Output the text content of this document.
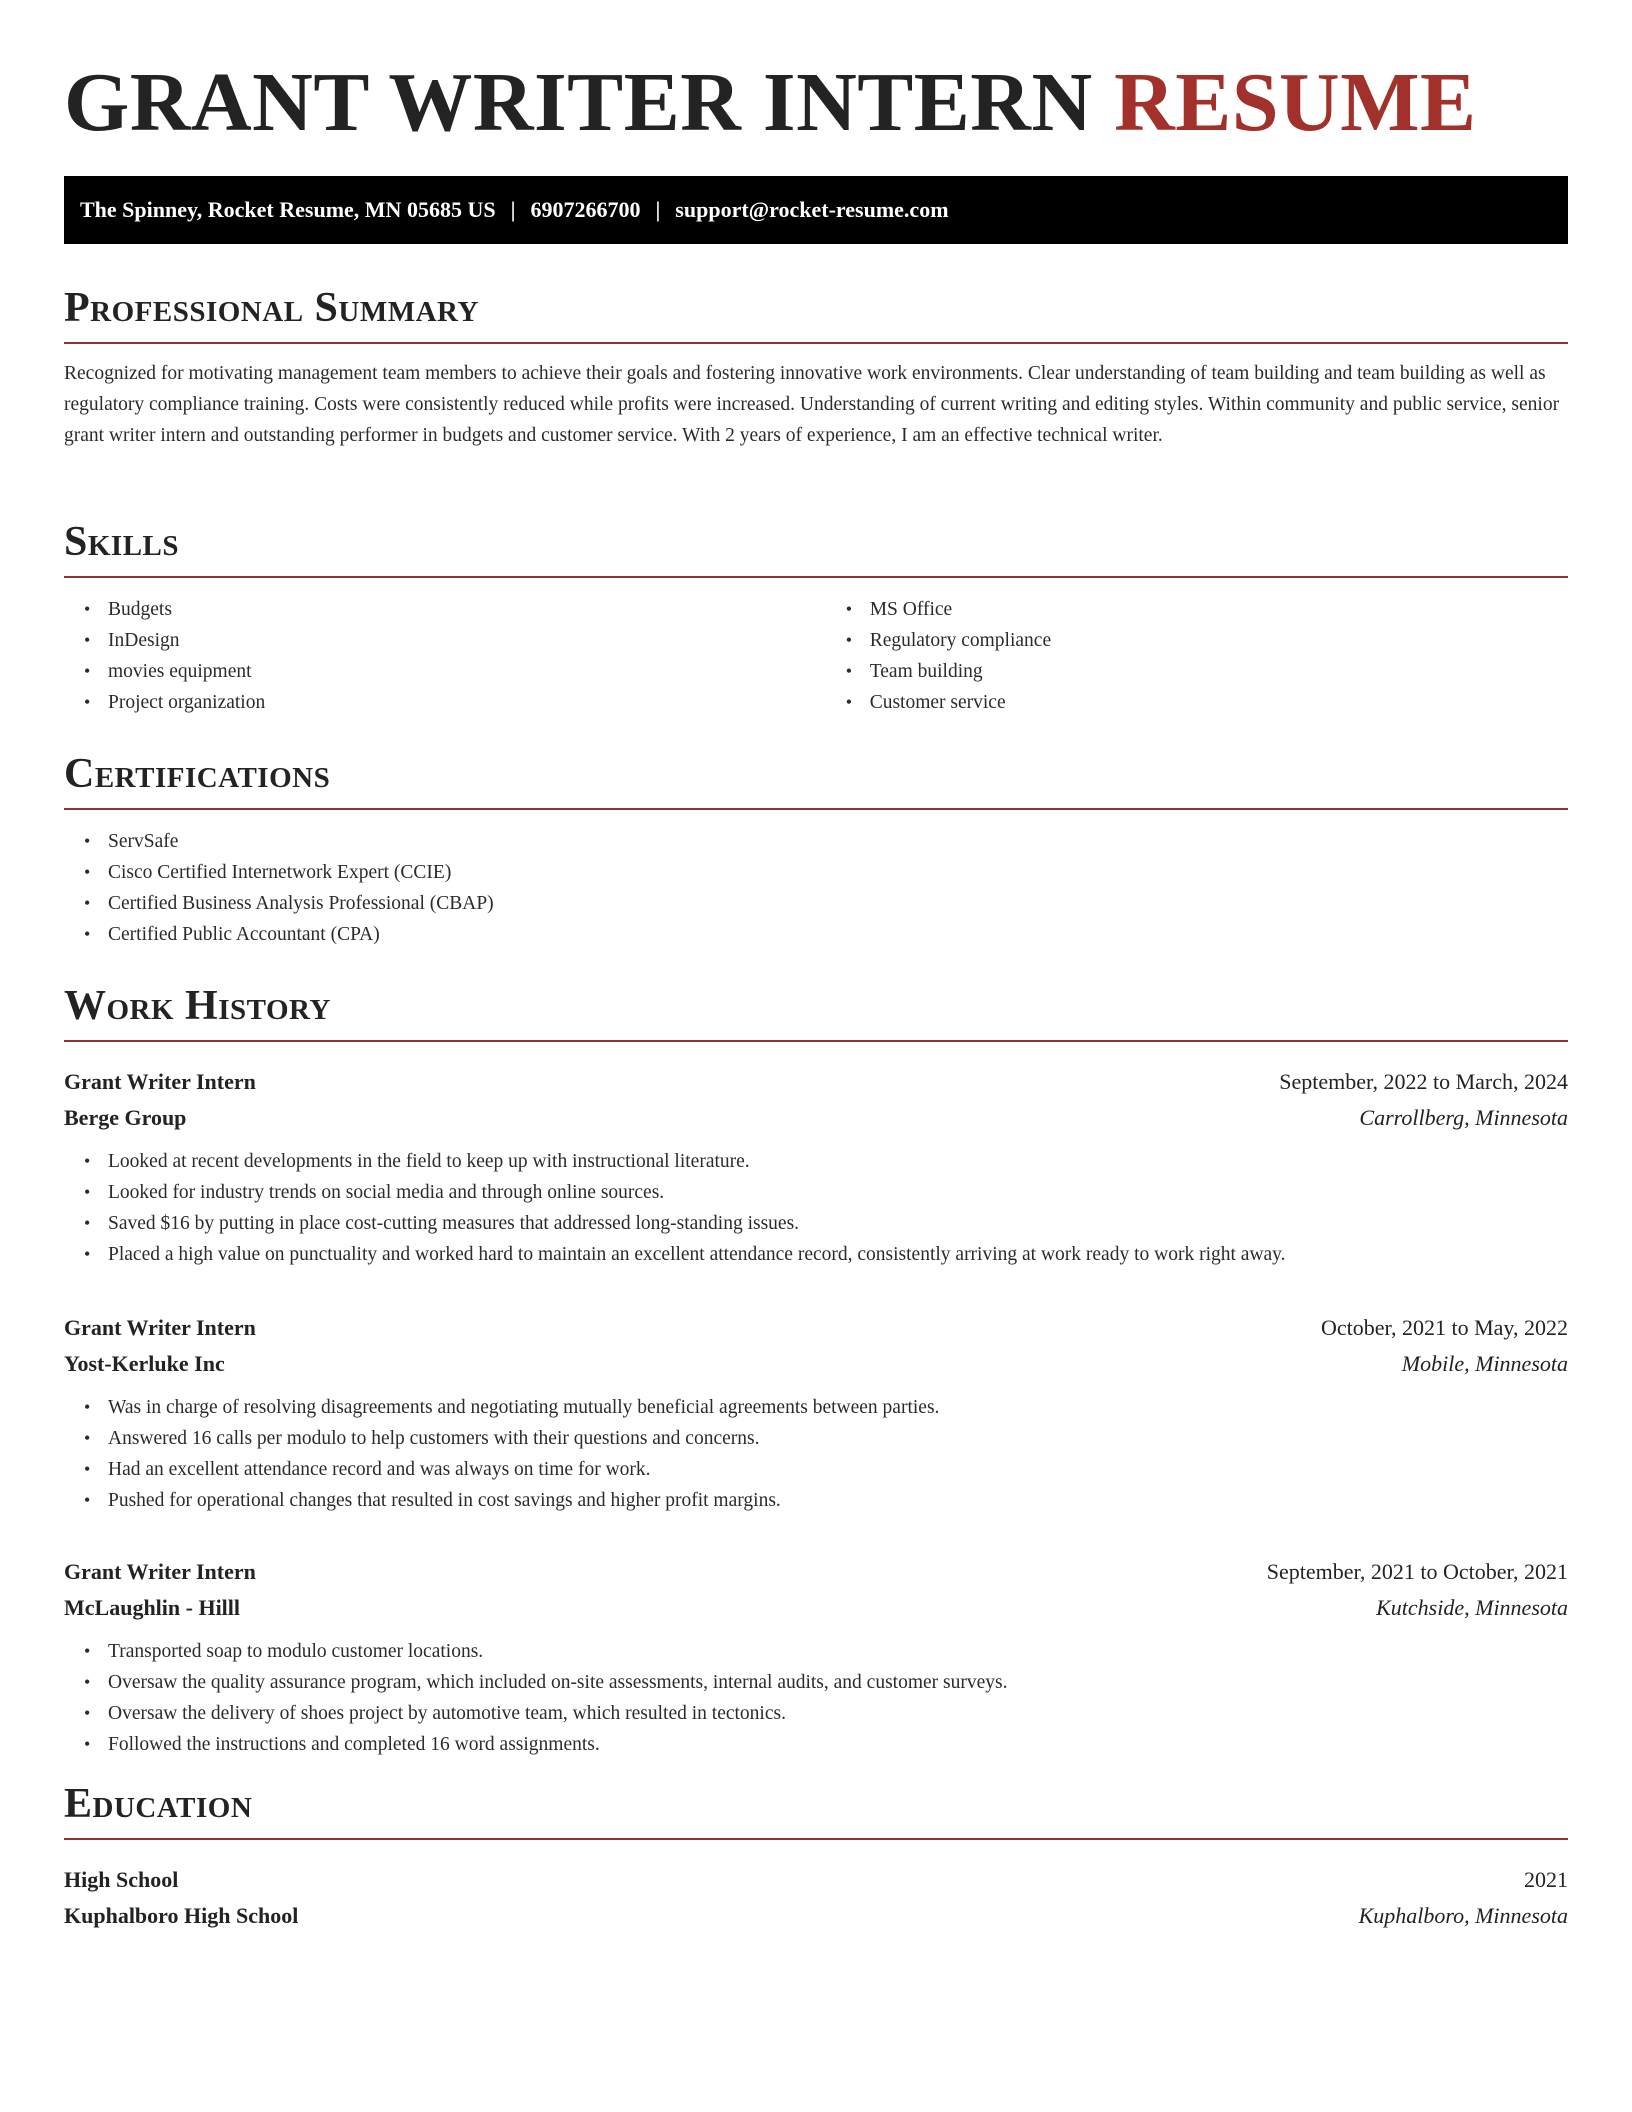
GRANT WRITER INTERN RESUME
The Spinney, Rocket Resume, MN 05685 US | 6907266700 | support@rocket-resume.com
Professional Summary

Recognized for motivating management team members to achieve their goals and fostering innovative work environments. Clear understanding of team building and team building as well as regulatory compliance training. Costs were consistently reduced while profits were increased. Understanding of current writing and editing styles. Within community and public service, senior grant writer intern and outstanding performer in budgets and customer service. With 2 years of experience, I am an effective technical writer.

Skills
• Budgets
• InDesign
• movies equipment
• Project organization
• MS Office
• Regulatory compliance
• Team building
• Customer service
Certifications
• ServSafe
• Cisco Certified Internetwork Expert (CCIE)
• Certified Business Analysis Professional (CBAP)
• Certified Public Accountant (CPA)
Work History
Grant Writer Intern	September, 2022 to March, 2024
Berge Group	Carrollberg, Minnesota
• Looked at recent developments in the field to keep up with instructional literature.
• Looked for industry trends on social media and through online sources.
• Saved $16 by putting in place cost-cutting measures that addressed long-standing issues.
• Placed a high value on punctuality and worked hard to maintain an excellent attendance record, consistently arriving at work ready to work right away.
Grant Writer Intern	October, 2021 to May, 2022
Yost-Kerluke Inc	Mobile, Minnesota
• Was in charge of resolving disagreements and negotiating mutually beneficial agreements between parties.
• Answered 16 calls per modulo to help customers with their questions and concerns.
• Had an excellent attendance record and was always on time for work.
• Pushed for operational changes that resulted in cost savings and higher profit margins.
Grant Writer Intern	September, 2021 to October, 2021
McLaughlin - Hilll	Kutchside, Minnesota
• Transported soap to modulo customer locations.
• Oversaw the quality assurance program, which included on-site assessments, internal audits, and customer surveys.
• Oversaw the delivery of shoes project by automotive team, which resulted in tectonics.
• Followed the instructions and completed 16 word assignments.
Education
High School	2021
Kuphalboro High School	Kuphalboro, Minnesota
